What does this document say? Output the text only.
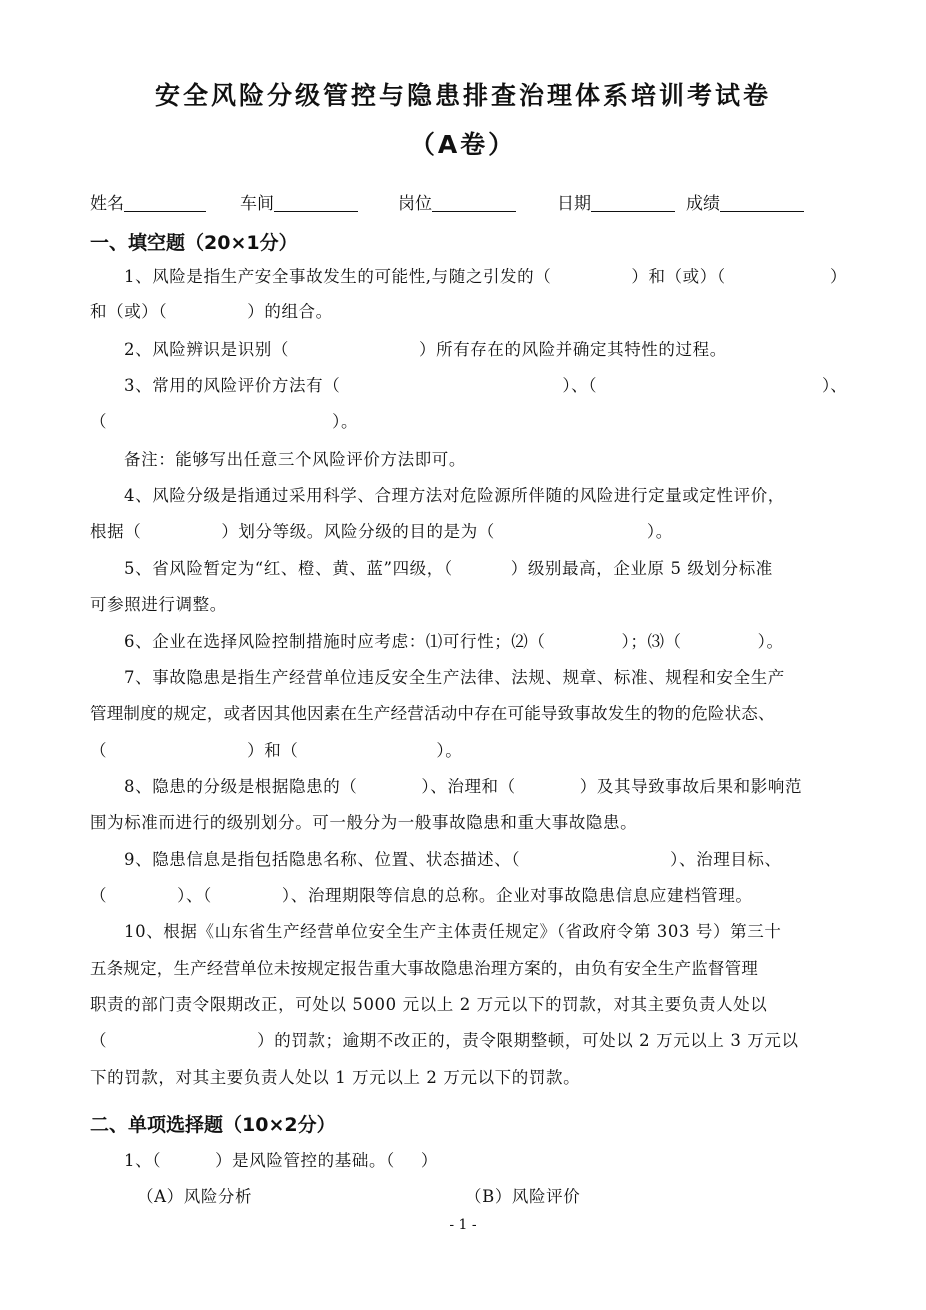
安全风险分级管控与隐患排查治理体系培训考试卷
（A卷）
姓名	车间	岗位	日期	成绩
一、填空题（20×1分）
1、风险是指生产安全事故发生的可能性,与随之引发的（	）和（或）（	）
和（或）（	）的组合。
2、风险辨识是识别（	）所有存在的风险并确定其特性的过程。
3、常用的风险评价方法有（	）、（	）、
（	）。
备注：能够写出任意三个风险评价方法即可。
4、风险分级是指通过采用科学、合理方法对危险源所伴随的风险进行定量或定性评价，
根据（	）划分等级。风险分级的目的是为（	）。
5、省风险暂定为“红、橙、黄、蓝”四级，（	）级别最高，企业原 5 级划分标准
可参照进行调整。
6、企业在选择风险控制措施时应考虑：⑴可行性；⑵（	）；⑶（	）。
7、事故隐患是指生产经营单位违反安全生产法律、法规、规章、标准、规程和安全生产
管理制度的规定，或者因其他因素在生产经营活动中存在可能导致事故发生的物的危险状态、
（	）和（	）。
8、隐患的分级是根据隐患的（	）、治理和（	）及其导致事故后果和影响范
围为标准而进行的级别划分。可一般分为一般事故隐患和重大事故隐患。
9、隐患信息是指包括隐患名称、位置、状态描述、（	）、治理目标、
（	）、（	）、治理期限等信息的总称。企业对事故隐患信息应建档管理。
10、根据《山东省生产经营单位安全生产主体责任规定》（省政府令第 303 号）第三十
五条规定，生产经营单位未按规定报告重大事故隐患治理方案的，由负有安全生产监督管理
职责的部门责令限期改正，可处以 5000 元以上 2 万元以下的罚款，对其主要负责人处以
（	）的罚款；逾期不改正的，责令限期整顿，可处以 2 万元以上 3 万元以
下的罚款，对其主要负责人处以 1 万元以上 2 万元以下的罚款。
二、单项选择题（10×2分）
1、（	）是风险管控的基础。（ ）
（A）风险分析	（B）风险评价
- 1 -
